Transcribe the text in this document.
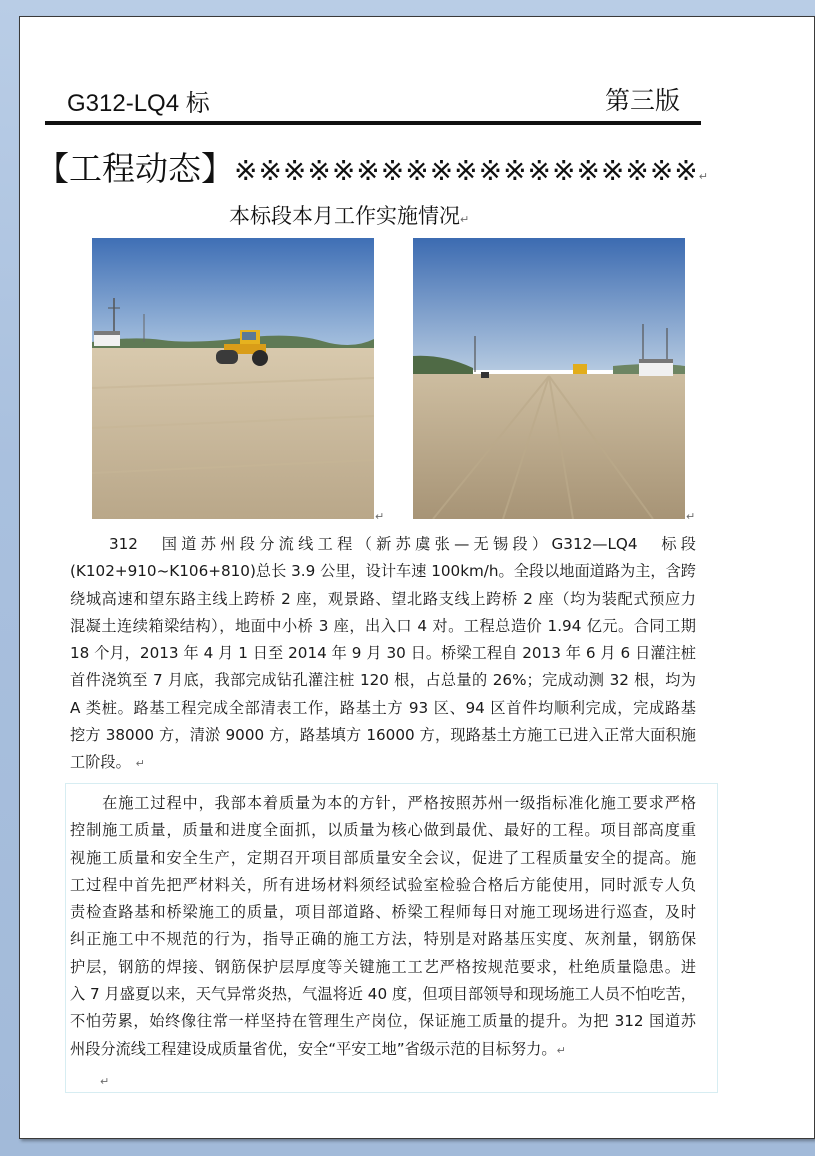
G312-LQ4 标	第三版
【工程动态】※※※※※※※※※※※※※※※※※※※↵
本标段本月工作实施情况↵
↵	↵
　　312　国道苏州段分流线工程（新苏虞张—无锡段）G312—LQ4　标段
(K102+910~K106+810)总长 3.9 公里，设计车速 100km/h。全段以地面道路为主，含跨
绕城高速和望东路主线上跨桥 2 座，观景路、望北路支线上跨桥 2 座（均为装配式预应力
混凝土连续箱梁结构），地面中小桥 3 座，出入口 4 对。工程总造价 1.94 亿元。合同工期
18 个月，2013 年 4 月 1 日至 2014 年 9 月 30 日。桥梁工程自 2013 年 6 月 6 日灌注桩
首件浇筑至 7 月底，我部完成钻孔灌注桩 120 根，占总量的 26%；完成动测 32 根，均为
A 类桩。路基工程完成全部清表工作，路基土方 93 区、94 区首件均顺利完成，完成路基
挖方 38000 方，清淤 9000 方，路基填方 16000 方，现路基土方施工已进入正常大面积施
工阶段。 ↵
　　在施工过程中，我部本着质量为本的方针，严格按照苏州一级指标准化施工要求严格
控制施工质量，质量和进度全面抓，以质量为核心做到最优、最好的工程。项目部高度重
视施工质量和安全生产，定期召开项目部质量安全会议，促进了工程质量安全的提高。施
工过程中首先把严材料关，所有进场材料须经试验室检验合格后方能使用，同时派专人负
责检查路基和桥梁施工的质量，项目部道路、桥梁工程师每日对施工现场进行巡查，及时
纠正施工中不规范的行为，指导正确的施工方法，特别是对路基压实度、灰剂量，钢筋保
护层，钢筋的焊接、钢筋保护层厚度等关键施工工艺严格按规范要求，杜绝质量隐患。进
入 7 月盛夏以来，天气异常炎热，气温将近 40 度，但项目部领导和现场施工人员不怕吃苦，
不怕劳累，始终像往常一样坚持在管理生产岗位，保证施工质量的提升。为把 312 国道苏
州段分流线工程建设成质量省优，安全“平安工地”省级示范的目标努力。↵
↵
